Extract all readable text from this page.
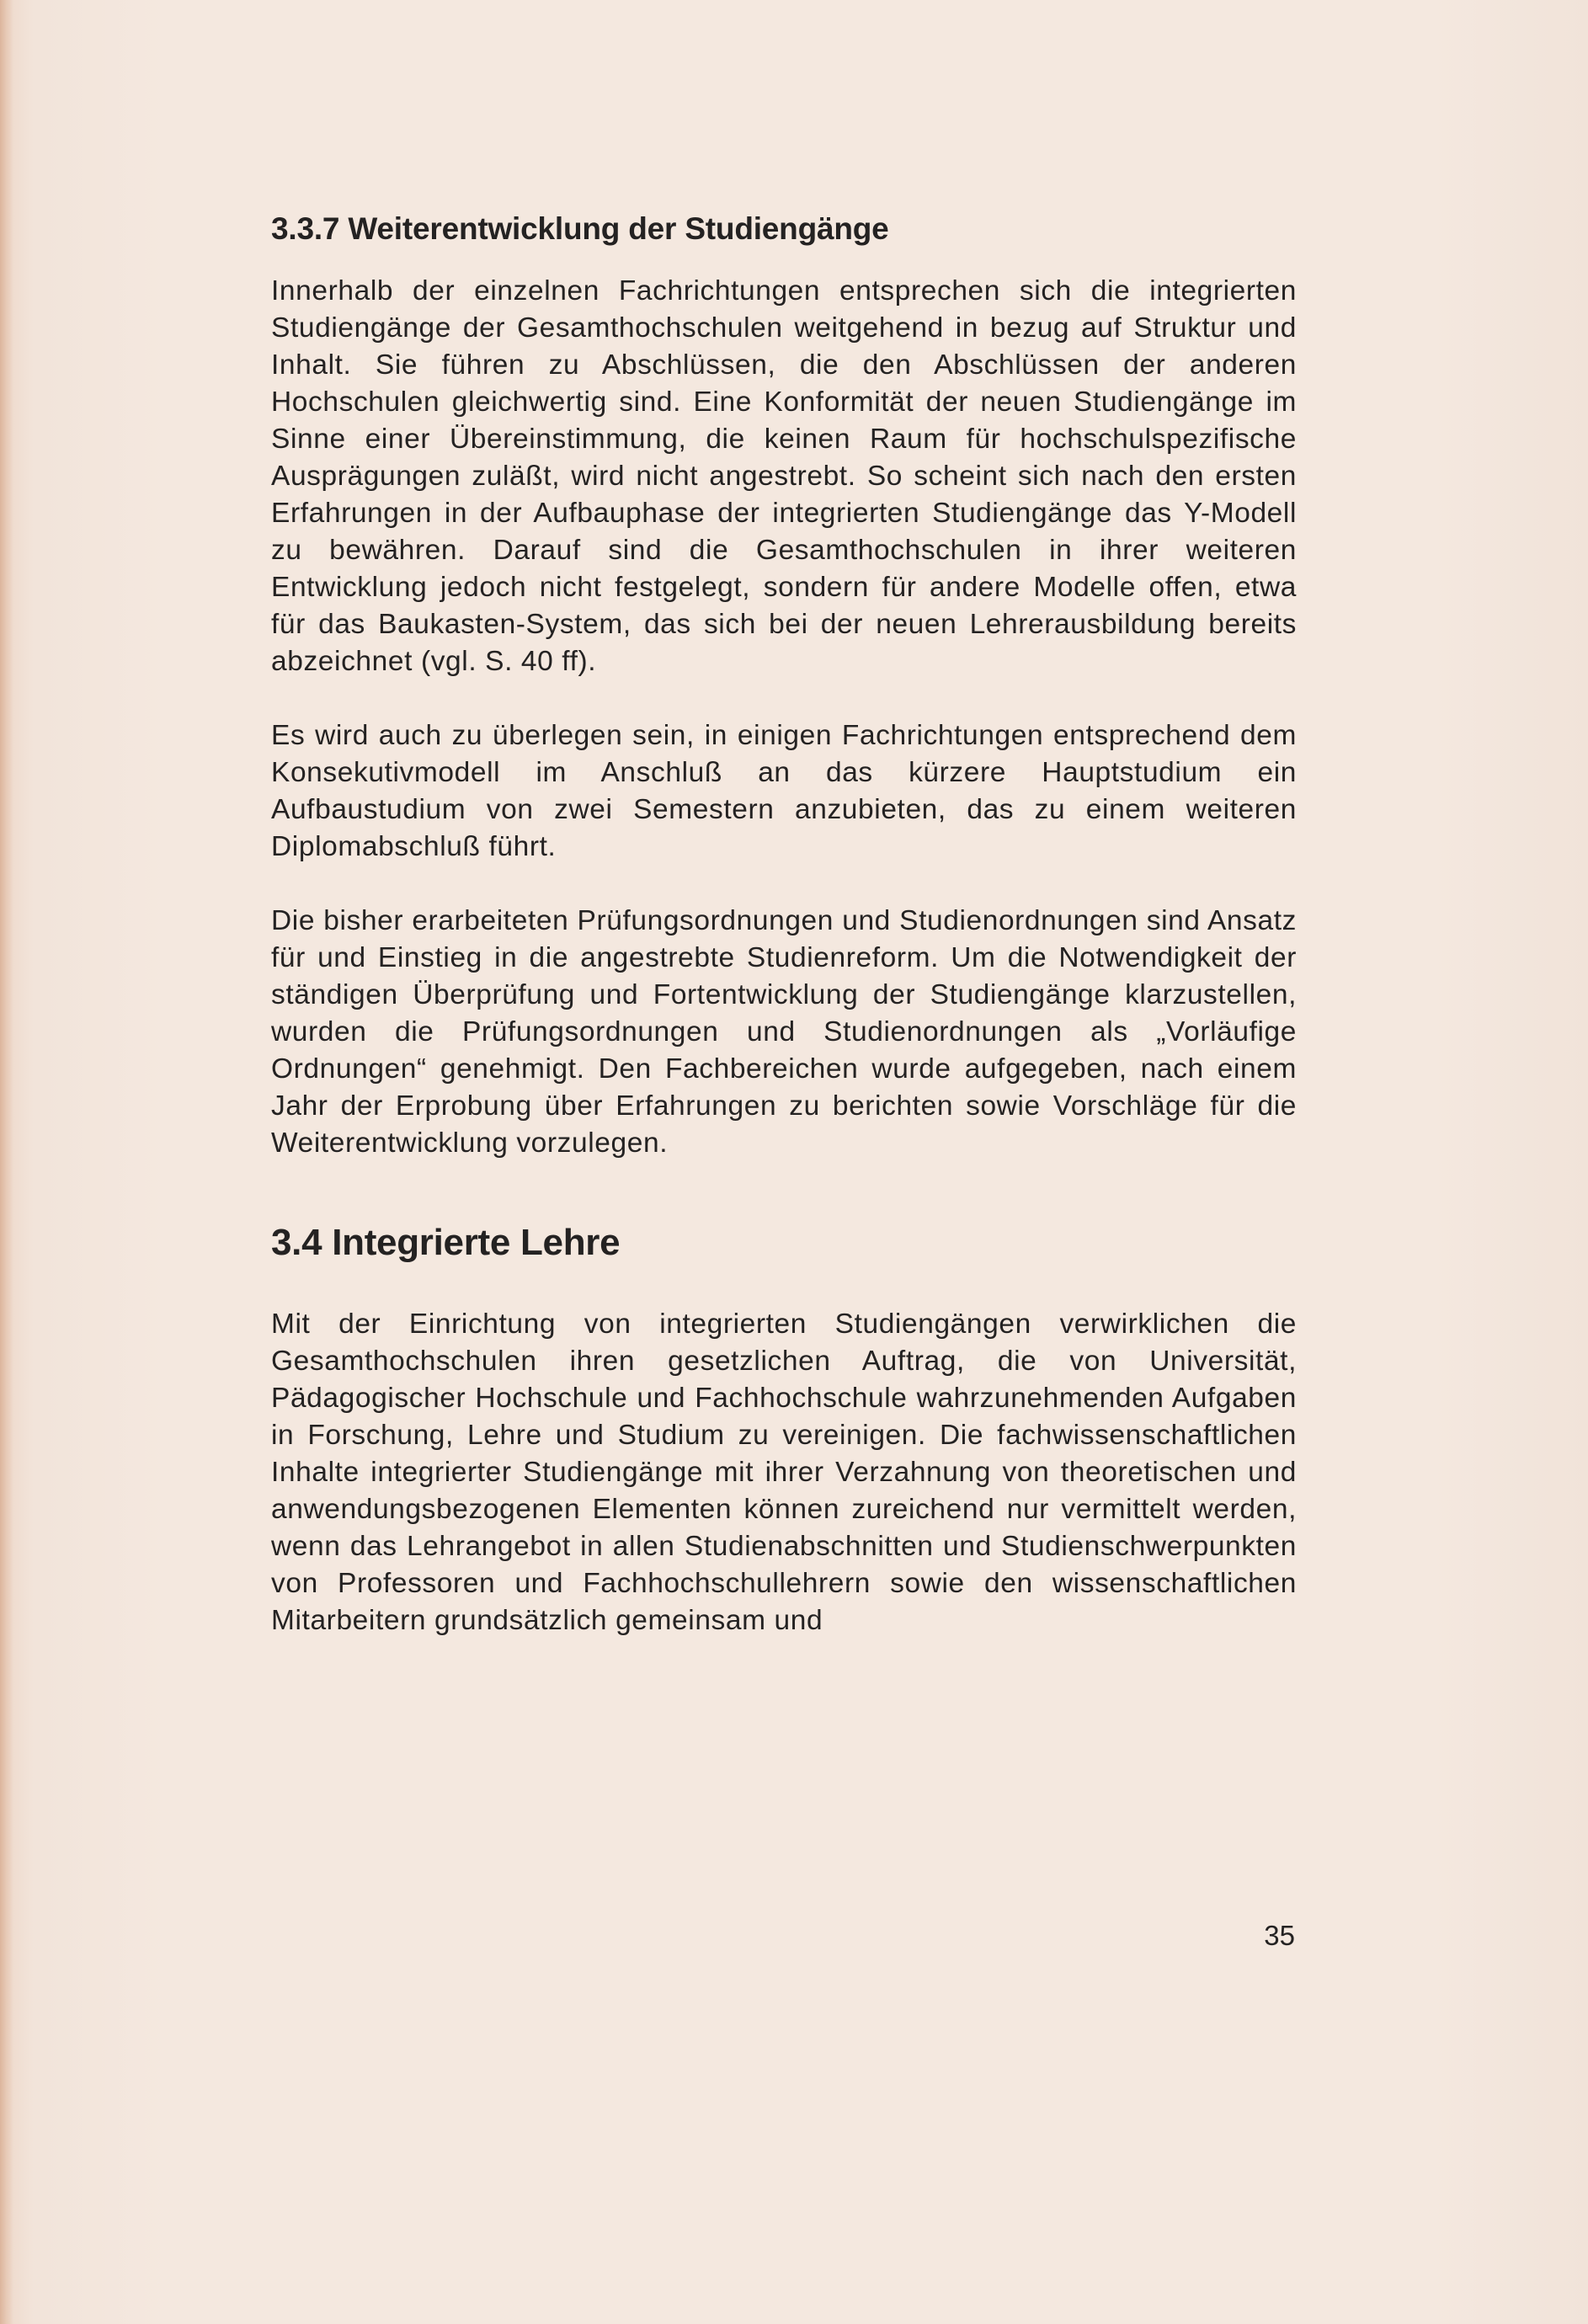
3.3.7 Weiterentwicklung der Studiengänge

Innerhalb der einzelnen Fachrichtungen entsprechen sich die integrierten Studiengänge der Gesamthochschulen weitgehend in bezug auf Struktur und Inhalt. Sie führen zu Abschlüssen, die den Abschlüssen der anderen Hochschulen gleichwertig sind. Eine Konformität der neuen Studiengänge im Sinne einer Übereinstimmung, die keinen Raum für hochschulspezifische Ausprägungen zuläßt, wird nicht angestrebt. So scheint sich nach den ersten Erfahrungen in der Aufbauphase der integrierten Studiengänge das Y-Modell zu bewähren. Darauf sind die Gesamthochschulen in ihrer weiteren Entwicklung jedoch nicht festgelegt, sondern für andere Modelle offen, etwa für das Baukasten-System, das sich bei der neuen Lehrerausbildung bereits abzeichnet (vgl. S. 40 ff).

Es wird auch zu überlegen sein, in einigen Fachrichtungen entsprechend dem Konsekutivmodell im Anschluß an das kürzere Hauptstudium ein Aufbaustudium von zwei Semestern anzubieten, das zu einem weiteren Diplomabschluß führt.

Die bisher erarbeiteten Prüfungsordnungen und Studienordnungen sind Ansatz für und Einstieg in die angestrebte Studienreform. Um die Notwendigkeit der ständigen Überprüfung und Fortentwicklung der Studiengänge klarzustellen, wurden die Prüfungsordnungen und Studienordnungen als „Vorläufige Ordnungen“ genehmigt. Den Fachbereichen wurde aufgegeben, nach einem Jahr der Erprobung über Erfahrungen zu berichten sowie Vorschläge für die Weiterentwicklung vorzulegen.

3.4 Integrierte Lehre

Mit der Einrichtung von integrierten Studiengängen verwirklichen die Gesamthochschulen ihren gesetzlichen Auftrag, die von Universität, Pädagogischer Hochschule und Fachhochschule wahrzunehmenden Aufgaben in Forschung, Lehre und Studium zu vereinigen. Die fachwissenschaftlichen Inhalte integrierter Studiengänge mit ihrer Verzahnung von theoretischen und anwendungsbezogenen Elementen können zureichend nur vermittelt werden, wenn das Lehrangebot in allen Studienabschnitten und Studienschwerpunkten von Professoren und Fachhochschullehrern sowie den wissenschaftlichen Mitarbeitern grundsätzlich gemeinsam und

35
